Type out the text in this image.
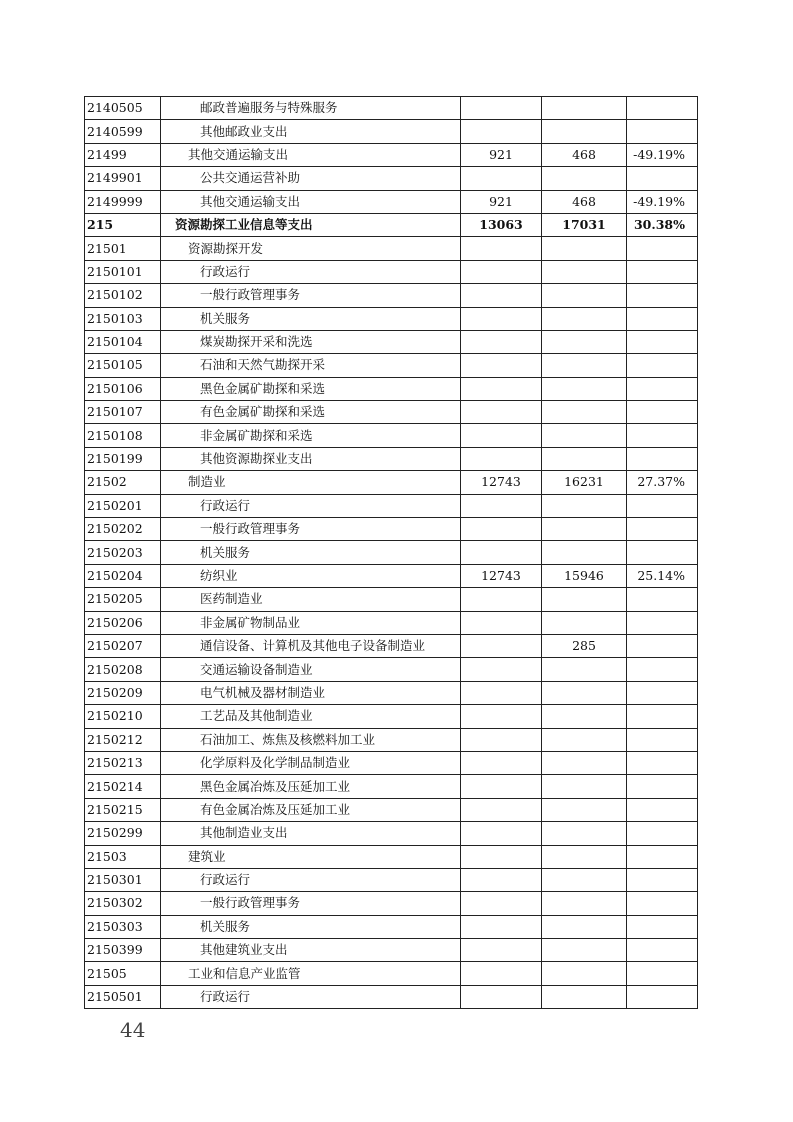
2140505	邮政普遍服务与特殊服务			
2140599	其他邮政业支出			
21499	其他交通运输支出	921	468	-49.19%
2149901	公共交通运营补助			
2149999	其他交通运输支出	921	468	-49.19%
215	资源勘探工业信息等支出	13063	17031	30.38%
21501	资源勘探开发			
2150101	行政运行			
2150102	一般行政管理事务			
2150103	机关服务			
2150104	煤炭勘探开采和洗选			
2150105	石油和天然气勘探开采			
2150106	黑色金属矿勘探和采选			
2150107	有色金属矿勘探和采选			
2150108	非金属矿勘探和采选			
2150199	其他资源勘探业支出			
21502	制造业	12743	16231	27.37%
2150201	行政运行			
2150202	一般行政管理事务			
2150203	机关服务			
2150204	纺织业	12743	15946	25.14%
2150205	医药制造业			
2150206	非金属矿物制品业			
2150207	通信设备、计算机及其他电子设备制造业		285	
2150208	交通运输设备制造业			
2150209	电气机械及器材制造业			
2150210	工艺品及其他制造业			
2150212	石油加工、炼焦及核燃料加工业			
2150213	化学原料及化学制品制造业			
2150214	黑色金属冶炼及压延加工业			
2150215	有色金属冶炼及压延加工业			
2150299	其他制造业支出			
21503	建筑业			
2150301	行政运行			
2150302	一般行政管理事务			
2150303	机关服务			
2150399	其他建筑业支出			
21505	工业和信息产业监管			
2150501	行政运行			
44
